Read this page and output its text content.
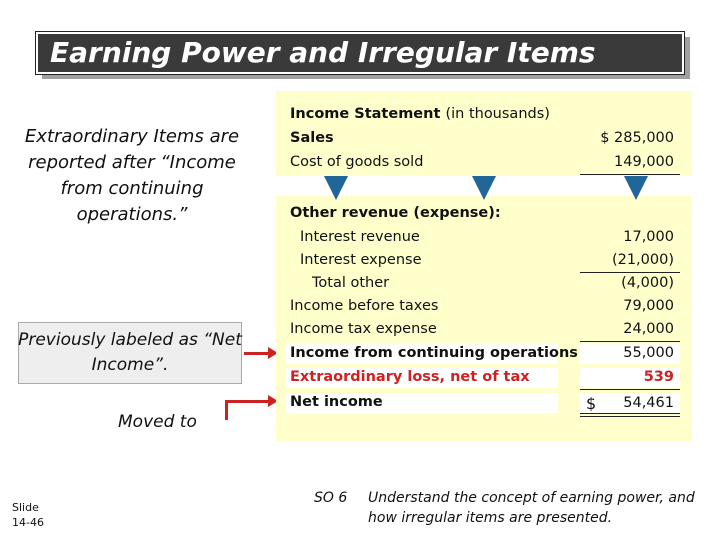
Earning Power and Irregular Items
Extraordinary Items are reported after “Income from continuing operations.”
Previously labeled as “Net Income”.
Moved to
Income Statement (in thousands)
Sales	$ 285,000
Cost of goods sold	149,000
Other revenue (expense):
Interest revenue	17,000
Interest expense	(21,000)
Total other	(4,000)
Income before taxes	79,000
Income tax expense	24,000
Income from continuing operations	55,000
Extraordinary loss, net of tax	539
Net income	$ 54,461
Slide
14-46
SO 6 Understand the concept of earning power, and how irregular items are presented.
